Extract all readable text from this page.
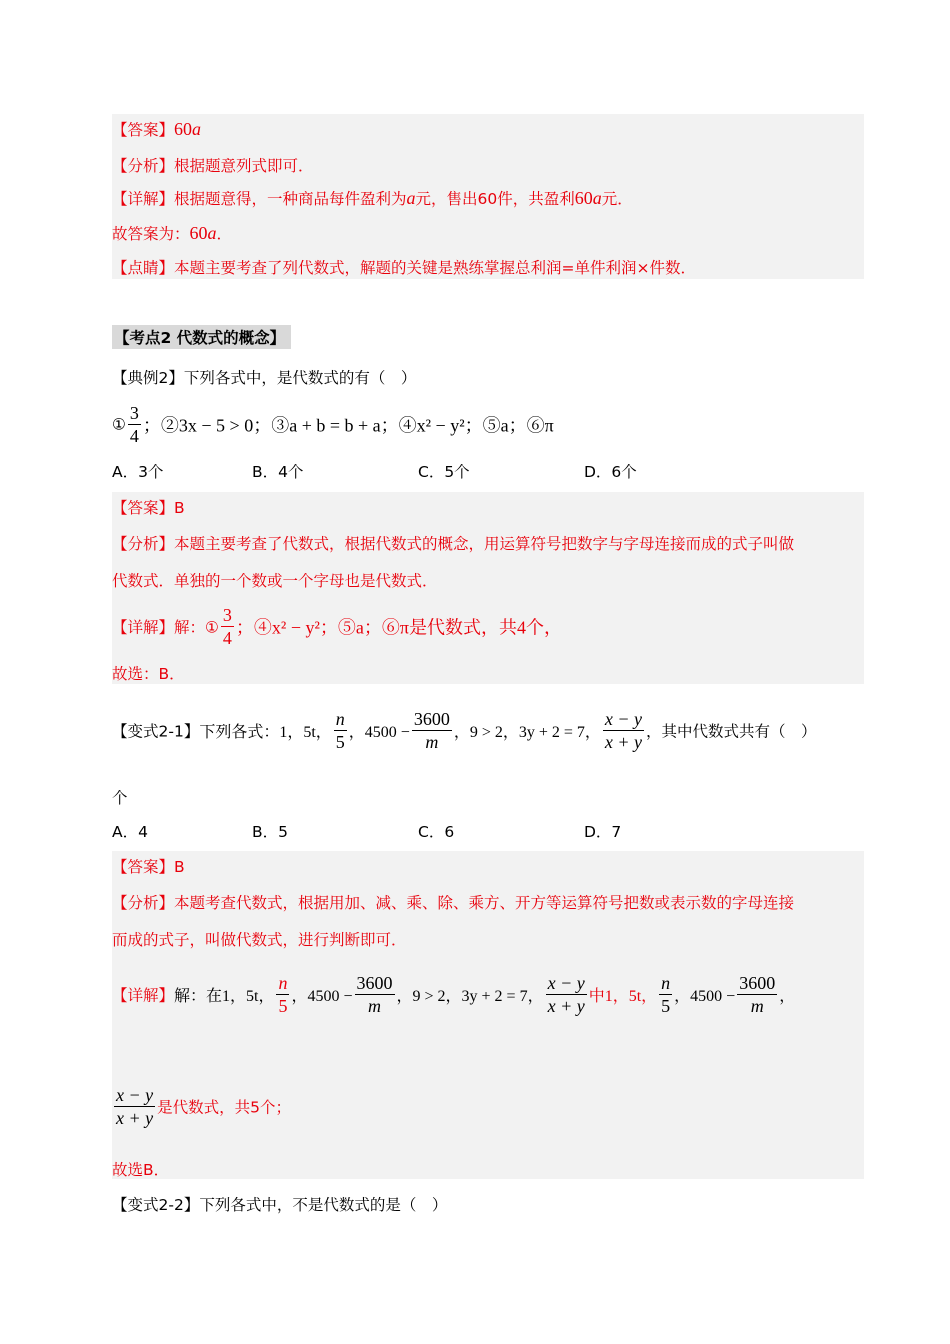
【答案】60a
【分析】根据题意列式即可．
【详解】根据题意得，一种商品每件盈利为a元，售出60件，共盈利60a元．
故答案为：60a．
【点睛】本题主要考查了列代数式，解题的关键是熟练掌握总利润=单件利润×件数．
【考点2 代数式的概念】
【典例2】下列各式中，是代数式的有（　）
① $\frac{3}{4}$ ；②3x − 5 > 0；③a + b = b + a；④x² − y²；⑤a；⑥π
A．3个	B．4个	C．5个	D．6个
【答案】B
【分析】本题主要考查了代数式，根据代数式的概念，用运算符号把数字与字母连接而成的式子叫做
代数式．单独的一个数或一个字母也是代数式．
【详解】解：① $\frac{3}{4}$ ；④x² − y²；⑤a；⑥π是代数式，共4个，
故选：B．
【变式2-1】下列各式：1，5t， $\frac{n}{5}$ ，$4500 - \frac{3600}{m}$ ，9 > 2，3y + 2 = 7， $\frac{x - y}{x + y}$ ，其中代数式共有（　）
个
A．4	B．5	C．6	D．7
【答案】B
【分析】本题考查代数式，根据用加、减、乘、除、乘方、开方等运算符号把数或表示数的字母连接
而成的式子，叫做代数式，进行判断即可．
【详解】解：在1，5t， $\frac{n}{5}$ ，$4500 - \frac{3600}{m}$ ，9 > 2，3y + 2 = 7， $\frac{x - y}{x + y}$ 中1，5t， $\frac{n}{5}$ ，$4500 - \frac{3600}{m}$ ，
$\frac{x - y}{x + y}$ 是代数式，共5个；
故选B．
【变式2-2】下列各式中，不是代数式的是（　）
